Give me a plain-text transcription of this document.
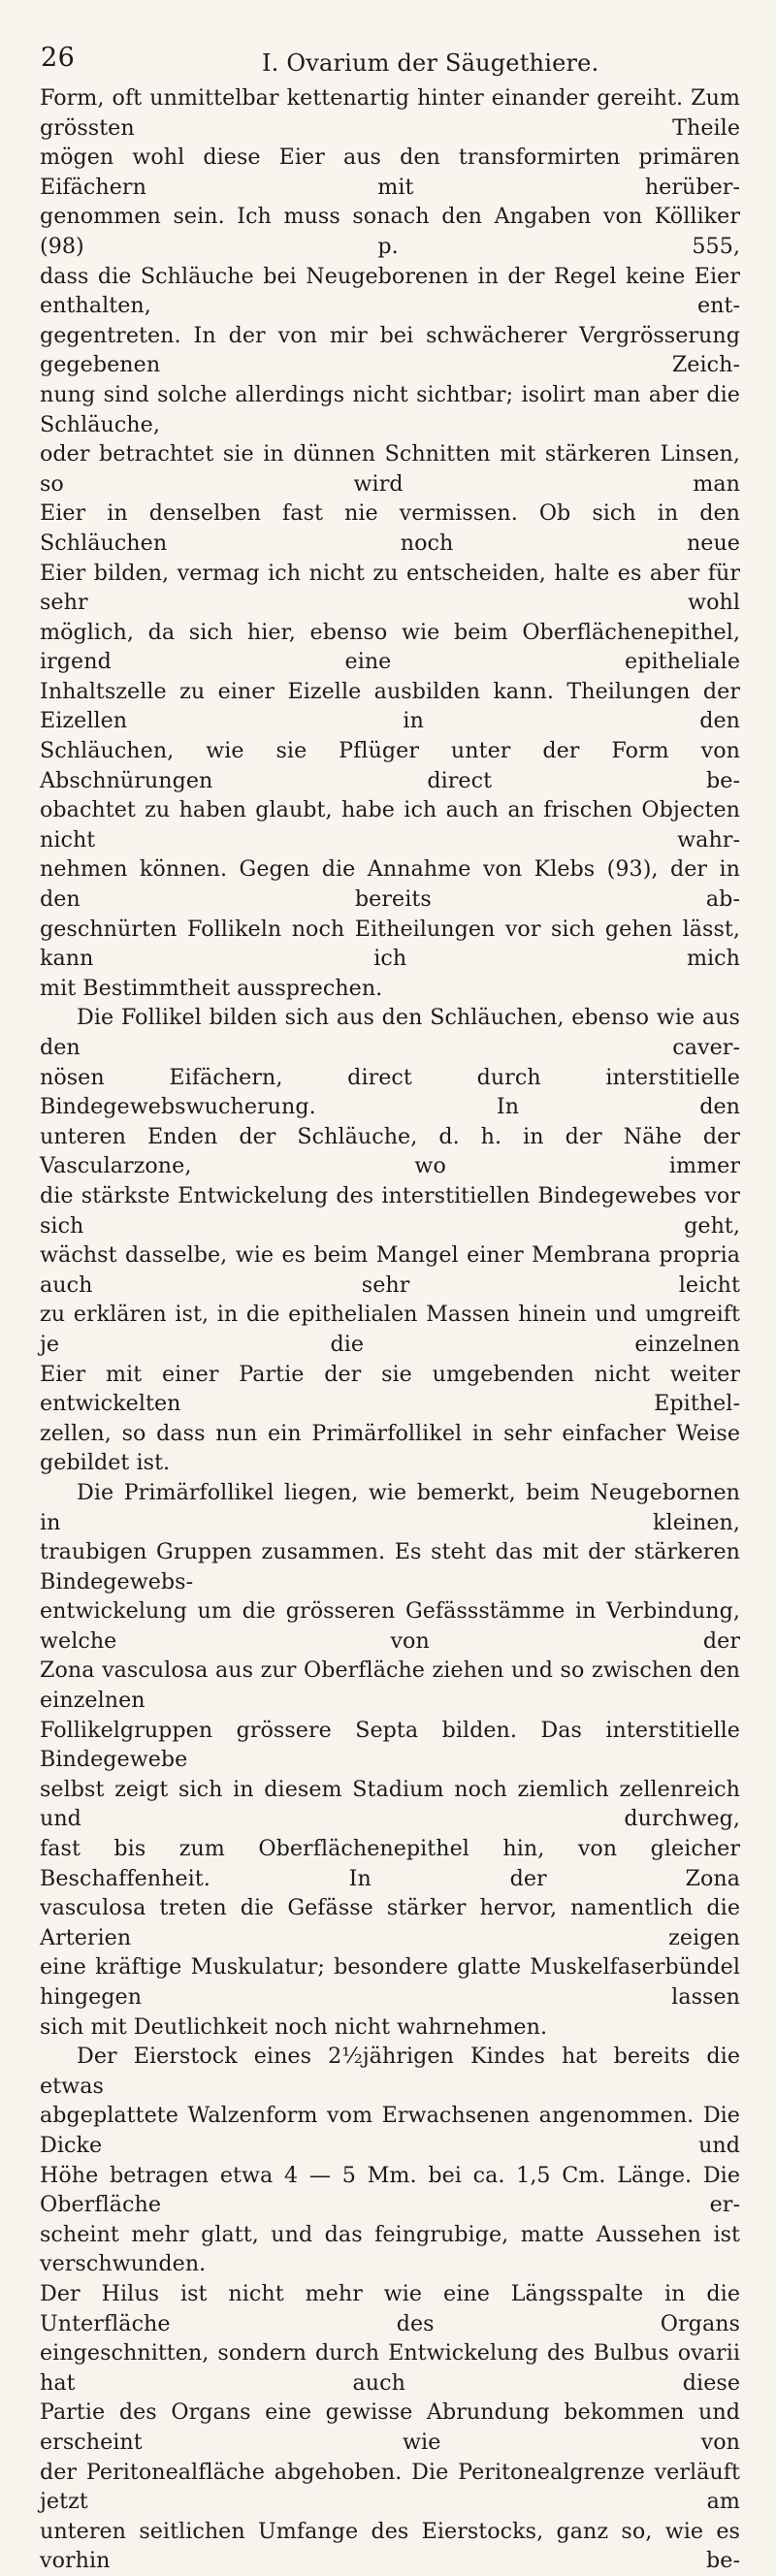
26	I. Ovarium der Säugethiere.

Form, oft unmittelbar kettenartig hinter einander gereiht. Zum grössten Theile

mögen wohl diese Eier aus den transformirten primären Eifächern mit herüber-

genommen sein. Ich muss sonach den Angaben von Kölliker (98) p. 555,

dass die Schläuche bei Neugeborenen in der Regel keine Eier enthalten, ent-

gegentreten. In der von mir bei schwächerer Vergrösserung gegebenen Zeich-

nung sind solche allerdings nicht sichtbar; isolirt man aber die Schläuche,

oder betrachtet sie in dünnen Schnitten mit stärkeren Linsen, so wird man

Eier in denselben fast nie vermissen. Ob sich in den Schläuchen noch neue

Eier bilden, vermag ich nicht zu entscheiden, halte es aber für sehr wohl

möglich, da sich hier, ebenso wie beim Oberflächenepithel, irgend eine epitheliale

Inhaltszelle zu einer Eizelle ausbilden kann. Theilungen der Eizellen in den

Schläuchen, wie sie Pflüger unter der Form von Abschnürungen direct be-

obachtet zu haben glaubt, habe ich auch an frischen Objecten nicht wahr-

nehmen können. Gegen die Annahme von Klebs (93), der in den bereits ab-

geschnürten Follikeln noch Eitheilungen vor sich gehen lässt, kann ich mich

mit Bestimmtheit aussprechen.

Die Follikel bilden sich aus den Schläuchen, ebenso wie aus den caver-

nösen Eifächern, direct durch interstitielle Bindegewebswucherung. In den

unteren Enden der Schläuche, d. h. in der Nähe der Vascularzone, wo immer

die stärkste Entwickelung des interstitiellen Bindegewebes vor sich geht,

wächst dasselbe, wie es beim Mangel einer Membrana propria auch sehr leicht

zu erklären ist, in die epithelialen Massen hinein und umgreift je die einzelnen

Eier mit einer Partie der sie umgebenden nicht weiter entwickelten Epithel-

zellen, so dass nun ein Primärfollikel in sehr einfacher Weise gebildet ist.

Die Primärfollikel liegen, wie bemerkt, beim Neugebornen in kleinen,

traubigen Gruppen zusammen. Es steht das mit der stärkeren Bindegewebs-

entwickelung um die grösseren Gefässstämme in Verbindung, welche von der

Zona vasculosa aus zur Oberfläche ziehen und so zwischen den einzelnen

Follikelgruppen grössere Septa bilden. Das interstitielle Bindegewebe

selbst zeigt sich in diesem Stadium noch ziemlich zellenreich und durchweg,

fast bis zum Oberflächenepithel hin, von gleicher Beschaffenheit. In der Zona

vasculosa treten die Gefässe stärker hervor, namentlich die Arterien zeigen

eine kräftige Muskulatur; besondere glatte Muskelfaserbündel hingegen lassen

sich mit Deutlichkeit noch nicht wahrnehmen.

Der Eierstock eines 2½jährigen Kindes hat bereits die etwas

abgeplattete Walzenform vom Erwachsenen angenommen. Die Dicke und

Höhe betragen etwa 4 — 5 Mm. bei ca. 1,5 Cm. Länge. Die Oberfläche er-

scheint mehr glatt, und das feingrubige, matte Aussehen ist verschwunden.

Der Hilus ist nicht mehr wie eine Längsspalte in die Unterfläche des Organs

eingeschnitten, sondern durch Entwickelung des Bulbus ovarii hat auch diese

Partie des Organs eine gewisse Abrundung bekommen und erscheint wie von

der Peritonealfläche abgehoben. Die Peritonealgrenze verläuft jetzt am

unteren seitlichen Umfange des Eierstocks, ganz so, wie es vorhin be-
